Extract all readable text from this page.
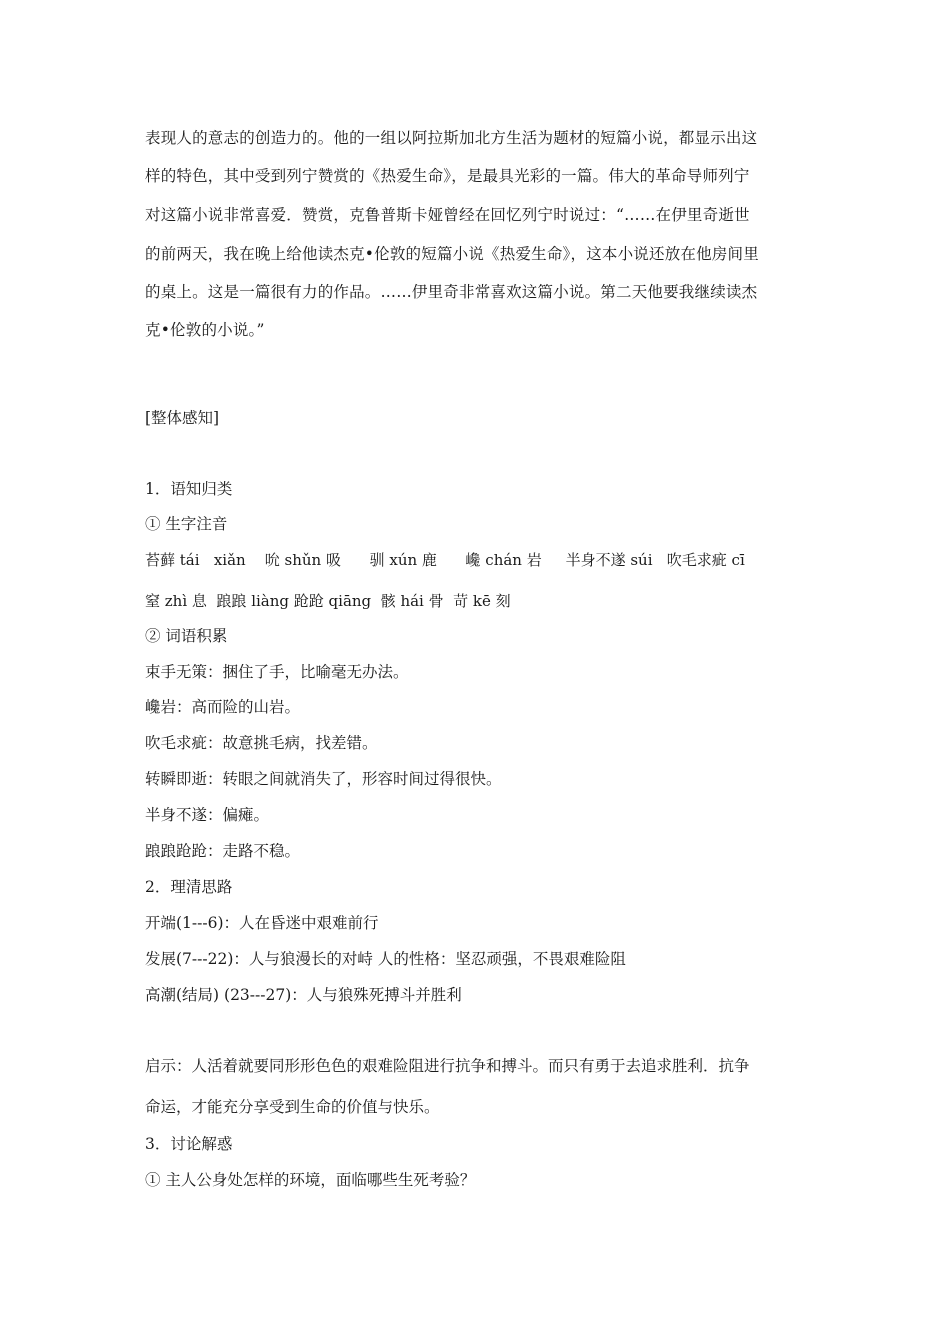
表现人的意志的创造力的。他的一组以阿拉斯加北方生活为题材的短篇小说，都显示出这
样的特色，其中受到列宁赞赏的《热爱生命》，是最具光彩的一篇。伟大的革命导师列宁
对这篇小说非常喜爱．赞赏，克鲁普斯卡娅曾经在回忆列宁时说过：“……在伊里奇逝世
的前两天，我在晚上给他读杰克•伦敦的短篇小说《热爱生命》，这本小说还放在他房间里
的桌上。这是一篇很有力的作品。……伊里奇非常喜欢这篇小说。第二天他要我继续读杰
克•伦敦的小说。”
[整体感知]
1．语知归类
① 生字注音
苔藓 tái   xiǎn    吮 shǔn 吸      驯 xún 鹿      巉 chán 岩     半身不遂 súi   吹毛求疵 cī
窒 zhì 息  踉踉 liàng 跄跄 qiāng  骸 hái 骨  苛 kē 刻
② 词语积累
束手无策：捆住了手，比喻毫无办法。
巉岩：高而险的山岩。
吹毛求疵：故意挑毛病，找差错。
转瞬即逝：转眼之间就消失了，形容时间过得很快。
半身不遂：偏瘫。
踉踉跄跄：走路不稳。
2．理清思路
开端(1---6)：人在昏迷中艰难前行
发展(7---22)：人与狼漫长的对峙 人的性格：坚忍顽强，不畏艰难险阻
高潮(结局) (23---27)：人与狼殊死搏斗并胜利
启示：人活着就要同形形色色的艰难险阻进行抗争和搏斗。而只有勇于去追求胜利．抗争
命运，才能充分享受到生命的价值与快乐。
3．讨论解惑
① 主人公身处怎样的环境，面临哪些生死考验？
